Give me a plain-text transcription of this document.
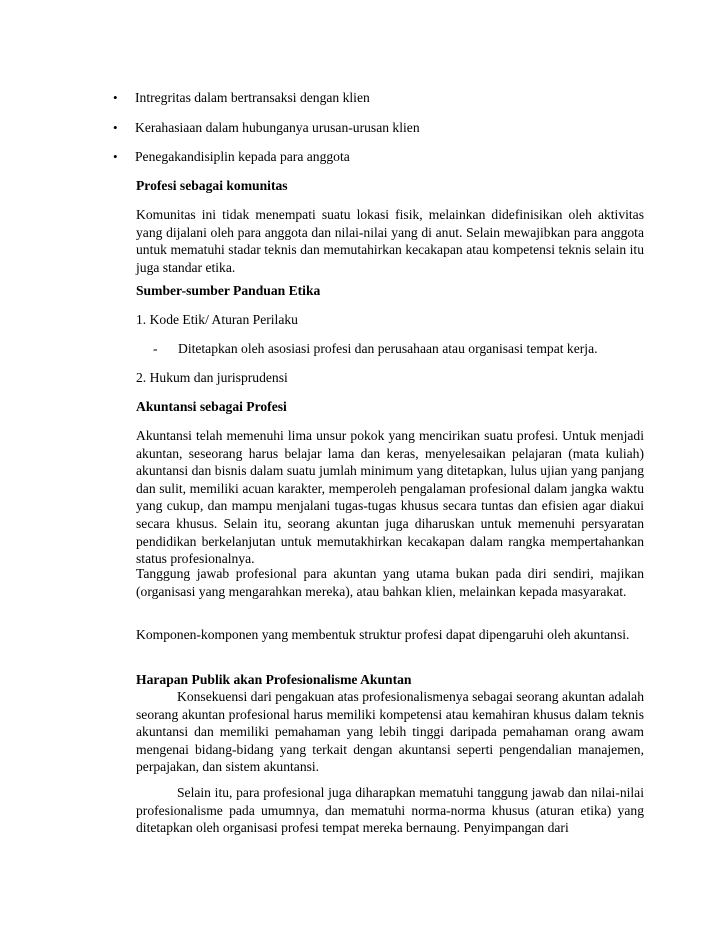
•	Intregritas dalam bertransaksi dengan klien
•	Kerahasiaan dalam hubunganya urusan-urusan klien
•	Penegakandisiplin kepada para anggota
Profesi sebagai komunitas
Komunitas ini tidak menempati suatu lokasi fisik, melainkan didefinisikan oleh aktivitas yang dijalani oleh para anggota dan nilai-nilai yang di anut. Selain mewajibkan para anggota untuk mematuhi stadar teknis dan memutahirkan kecakapan atau kompetensi teknis selain itu juga standar etika.
Sumber-sumber Panduan Etika
1. Kode Etik/ Aturan Perilaku
- Ditetapkan oleh asosiasi profesi dan perusahaan atau organisasi tempat kerja.
2. Hukum dan jurisprudensi
Akuntansi sebagai Profesi
Akuntansi telah memenuhi lima unsur pokok yang mencirikan suatu profesi. Untuk menjadi akuntan, seseorang harus belajar lama dan keras, menyelesaikan pelajaran (mata kuliah) akuntansi dan bisnis dalam suatu jumlah minimum yang ditetapkan, lulus ujian yang panjang dan sulit, memiliki acuan karakter, memperoleh pengalaman profesional dalam jangka waktu yang cukup, dan mampu menjalani tugas-tugas khusus secara tuntas dan efisien agar diakui secara khusus. Selain itu, seorang akuntan juga diharuskan untuk memenuhi persyaratan pendidikan berkelanjutan untuk memutakhirkan kecakapan dalam rangka mempertahankan status profesionalnya.
Tanggung jawab profesional para akuntan yang utama bukan pada diri sendiri, majikan (organisasi yang mengarahkan mereka), atau bahkan klien, melainkan kepada masyarakat.
Komponen-komponen yang membentuk struktur profesi dapat dipengaruhi oleh akuntansi.
Harapan Publik akan Profesionalisme Akuntan
Konsekuensi dari pengakuan atas profesionalismenya sebagai seorang akuntan adalah seorang akuntan profesional harus memiliki kompetensi atau kemahiran khusus dalam teknis akuntansi dan memiliki pemahaman yang lebih tinggi daripada pemahaman orang awam mengenai bidang-bidang yang terkait dengan akuntansi seperti pengendalian manajemen, perpajakan, dan sistem akuntansi.
Selain itu, para profesional juga diharapkan mematuhi tanggung jawab dan nilai-nilai profesionalisme pada umumnya, dan mematuhi norma-norma khusus (aturan etika) yang ditetapkan oleh organisasi profesi tempat mereka bernaung. Penyimpangan dari
